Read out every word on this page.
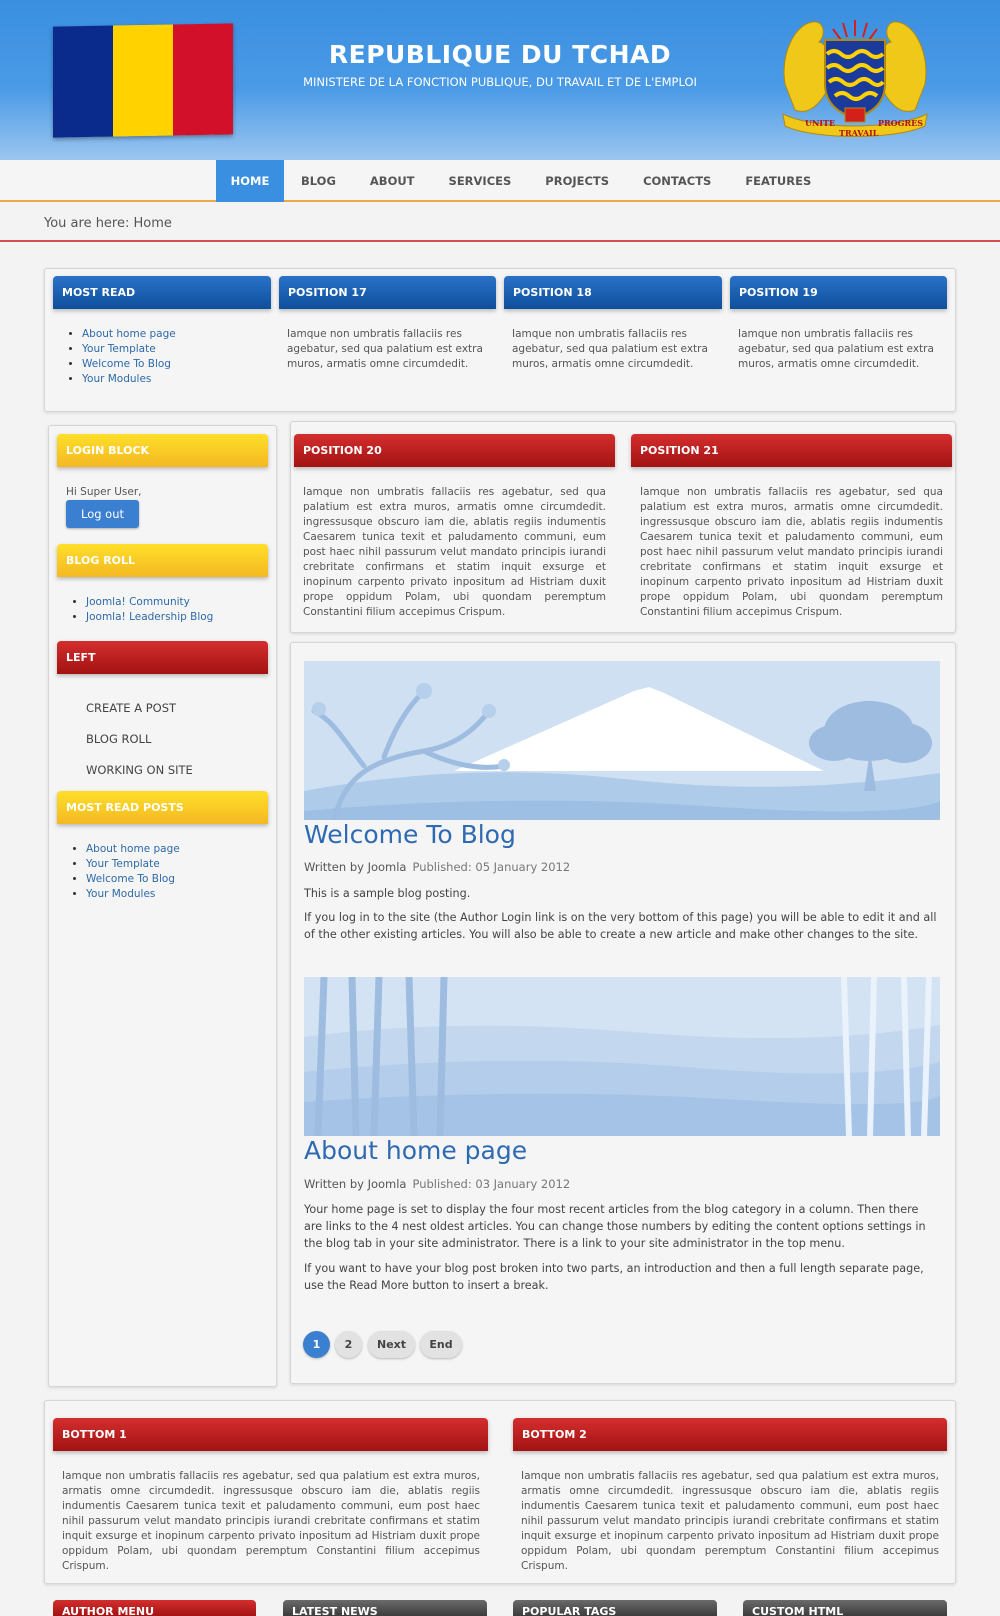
REPUBLIQUE DU TCHAD
MINISTERE DE LA FONCTION PUBLIQUE, DU TRAVAIL ET DE L'EMPLOI
UNITE
TRAVAIL
PROGRES
HOME	BLOG	ABOUT	SERVICES	PROJECTS	CONTACTS	FEATURES
You are here: Home
MOST READ
• About home page
• Your Template
• Welcome To Blog
• Your Modules
POSITION 17
Iamque non umbratis fallaciis res agebatur, sed qua palatium est extra muros, armatis omne circumdedit.
POSITION 18
Iamque non umbratis fallaciis res agebatur, sed qua palatium est extra muros, armatis omne circumdedit.
POSITION 19
Iamque non umbratis fallaciis res agebatur, sed qua palatium est extra muros, armatis omne circumdedit.
LOGIN BLOCK
Hi Super User,
Log out
BLOG ROLL
• Joomla! Community
• Joomla! Leadership Blog
LEFT
CREATE A POST
BLOG ROLL
WORKING ON SITE
MOST READ POSTS
• About home page
• Your Template
• Welcome To Blog
• Your Modules
POSITION 20
Iamque non umbratis fallaciis res agebatur, sed qua palatium est extra muros, armatis omne circumdedit. ingressusque obscuro iam die, ablatis regiis indumentis Caesarem tunica texit et paludamento communi, eum post haec nihil passurum velut mandato principis iurandi crebritate confirmans et statim inquit exsurge et inopinum carpento privato inpositum ad Histriam duxit prope oppidum Polam, ubi quondam peremptum Constantini filium accepimus Crispum.
POSITION 21
Iamque non umbratis fallaciis res agebatur, sed qua palatium est extra muros, armatis omne circumdedit. ingressusque obscuro iam die, ablatis regiis indumentis Caesarem tunica texit et paludamento communi, eum post haec nihil passurum velut mandato principis iurandi crebritate confirmans et statim inquit exsurge et inopinum carpento privato inpositum ad Histriam duxit prope oppidum Polam, ubi quondam peremptum Constantini filium accepimus Crispum.
Welcome To Blog
Written by Joomla Published: 05 January 2012
This is a sample blog posting.
If you log in to the site (the Author Login link is on the very bottom of this page) you will be able to edit it and all of the other existing articles. You will also be able to create a new article and make other changes to the site.
About home page
Written by Joomla Published: 03 January 2012
Your home page is set to display the four most recent articles from the blog category in a column. Then there are links to the 4 nest oldest articles. You can change those numbers by editing the content options settings in the blog tab in your site administrator. There is a link to your site administrator in the top menu.
If you want to have your blog post broken into two parts, an introduction and then a full length separate page, use the Read More button to insert a break.
1	2	Next	End
BOTTOM 1
Iamque non umbratis fallaciis res agebatur, sed qua palatium est extra muros, armatis omne circumdedit. ingressusque obscuro iam die, ablatis regiis indumentis Caesarem tunica texit et paludamento communi, eum post haec nihil passurum velut mandato principis iurandi crebritate confirmans et statim inquit exsurge et inopinum carpento privato inpositum ad Histriam duxit prope oppidum Polam, ubi quondam peremptum Constantini filium accepimus Crispum.
BOTTOM 2
Iamque non umbratis fallaciis res agebatur, sed qua palatium est extra muros, armatis omne circumdedit. ingressusque obscuro iam die, ablatis regiis indumentis Caesarem tunica texit et paludamento communi, eum post haec nihil passurum velut mandato principis iurandi crebritate confirmans et statim inquit exsurge et inopinum carpento privato inpositum ad Histriam duxit prope oppidum Polam, ubi quondam peremptum Constantini filium accepimus Crispum.
AUTHOR MENU	LATEST NEWS	POPULAR TAGS	CUSTOM HTML
